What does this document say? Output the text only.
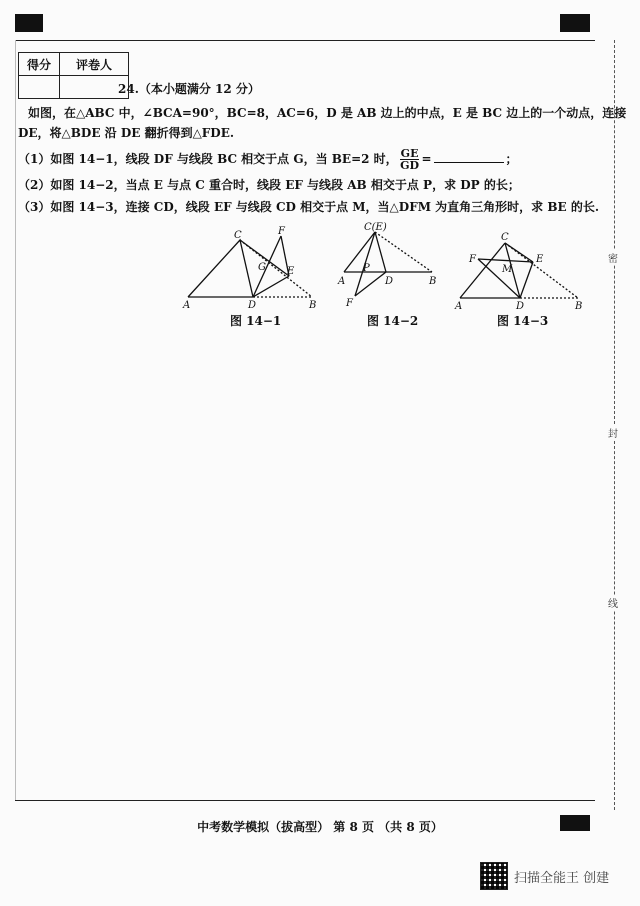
得分	评卷人

24.（本小题满分 12 分）
如图，在△ABC 中，∠BCA=90°，BC=8，AC=6，D 是 AB 边上的中点，E 是 BC 边上的一个动点，连接
DE，将△BDE 沿 DE 翻折得到△FDE.
（1）如图 14−1，线段 DF 与线段 BC 相交于点 G，当 BE=2 时， $\frac{GE}{GD}$ =	；
（2）如图 14−2，当点 E 与点 C 重合时，线段 EF 与线段 AB 相交于点 P，求 DP 的长；
（3）如图 14−3，连接 CD，线段 EF 与线段 CD 相交于点 M，当△DFM 为直角三角形时，求 BE 的长.
C	F
G E
A	D	B
C(E)
P
A	D	B
F
C
F
M
E
A	D	B
图 14−1	图 14−2	图 14−3
密
封
线
中考数学模拟（拔高型） 第 8 页 （共 8 页）
扫描全能王 创建
